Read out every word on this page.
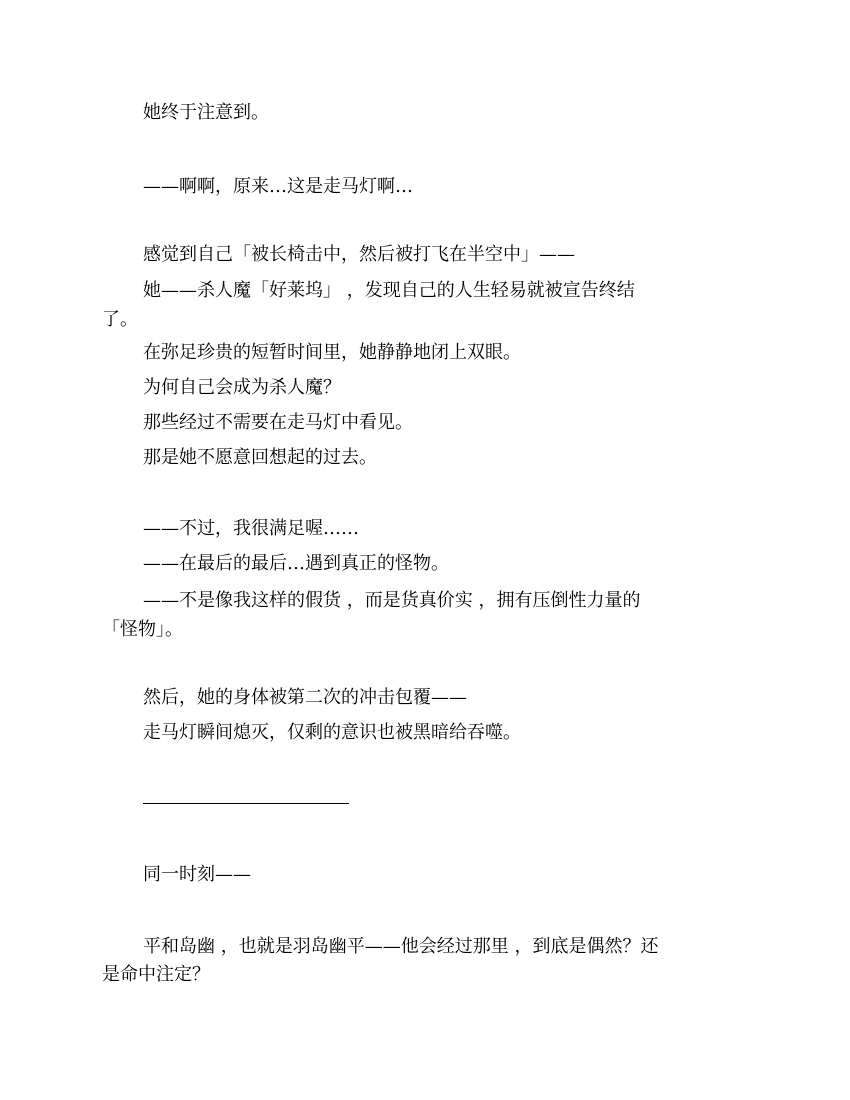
她终于注意到。
——啊啊，原来…这是走马灯啊…
感觉到自己「被长椅击中，然后被打飞在半空中」——
她——杀人魔「好莱坞」 ，发现自己的人生轻易就被宣告终结
了。
在弥足珍贵的短暂时间里，她静静地闭上双眼。
为何自己会成为杀人魔？
那些经过不需要在走马灯中看见。
那是她不愿意回想起的过去。
——不过，我很满足喔……
——在最后的最后…遇到真正的怪物。
——不是像我这样的假货 ，而是货真价实 ，拥有压倒性力量的
「怪物」。
然后，她的身体被第二次的冲击包覆——
走马灯瞬间熄灭，仅剩的意识也被黑暗给吞噬。
同一时刻——
平和岛幽 ，也就是羽岛幽平——他会经过那里 ，到底是偶然？还
是命中注定？
